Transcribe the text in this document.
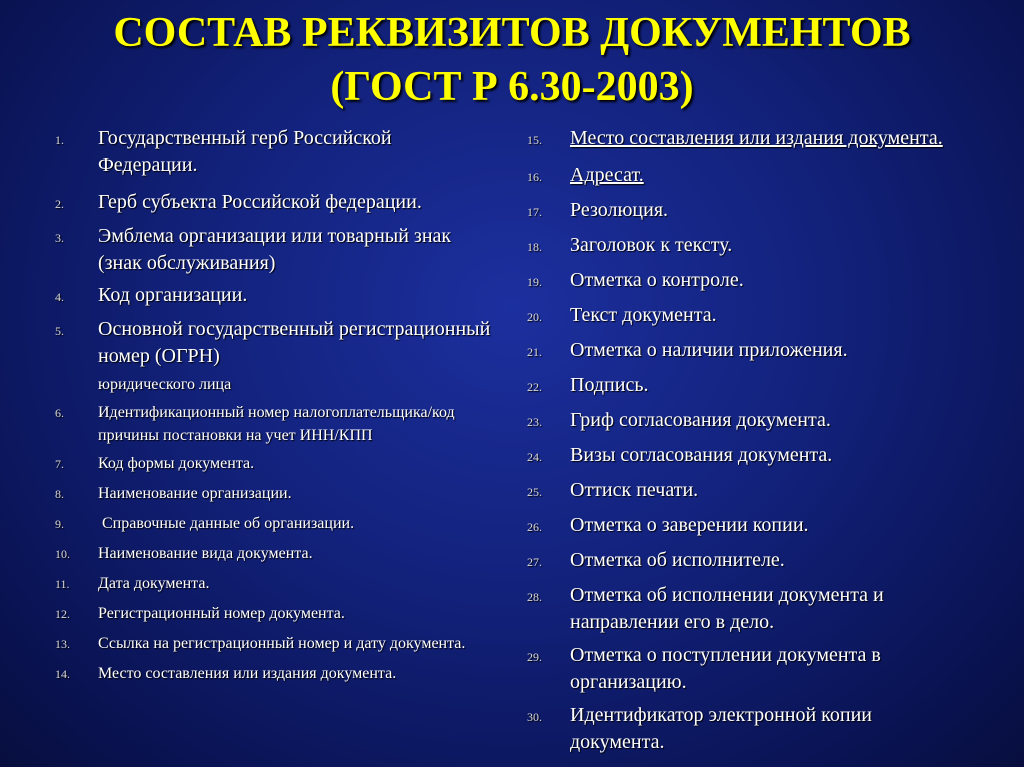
СОСТАВ РЕКВИЗИТОВ ДОКУМЕНТОВ
(ГОСТ Р 6.30-2003)
1.	Государственный герб Российской Федерации.
2.	Герб субъекта Российской федерации.
3.	Эмблема организации или товарный знак (знак обслуживания)
4.	Код организации.
5.	Основной государственный регистрационный номер (ОГРН)
юридического лица
6.	Идентификационный номер налогоплательщика/код причины постановки на учет ИНН/КПП
7.	Код формы документа.
8.	Наименование организации.
9.	Справочные данные об организации.
10.	Наименование вида документа.
11.	Дата документа.
12.	Регистрационный номер документа.
13.	Ссылка на регистрационный номер и дату документа.
14.	Место составления или издания документа.
15.	Место составления или издания документа.
16.	Адресат.
17.	Резолюция.
18.	Заголовок к тексту.
19.	Отметка о контроле.
20.	Текст документа.
21.	Отметка о наличии приложения.
22.	Подпись.
23.	Гриф согласования документа.
24.	Визы согласования документа.
25.	Оттиск печати.
26.	Отметка о заверении копии.
27.	Отметка об исполнителе.
28.	Отметка об исполнении документа и направлении его в дело.
29.	Отметка о поступлении документа в организацию.
30.	Идентификатор электронной копии документа.
